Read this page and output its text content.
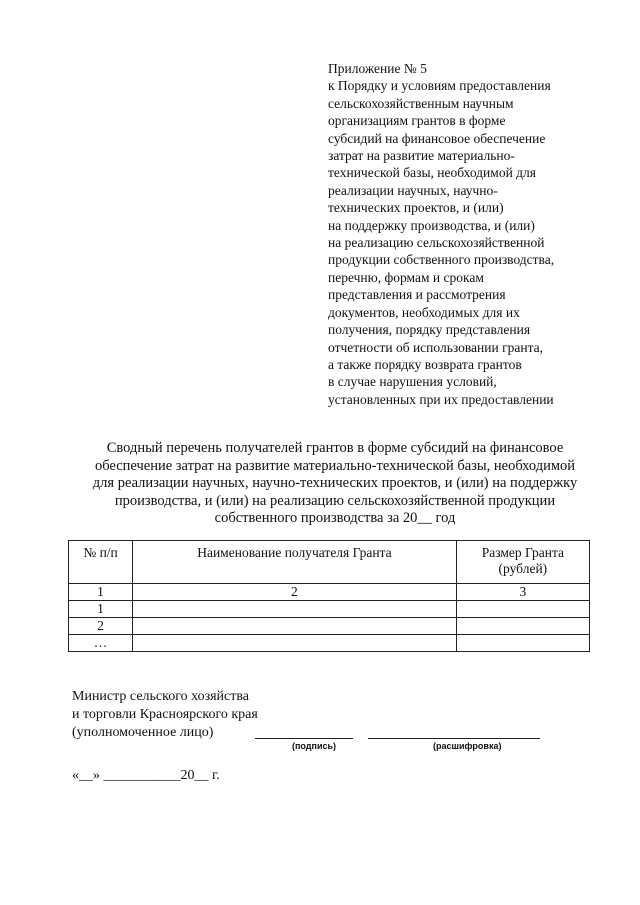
Приложение № 5
к Порядку и условиям предоставления
сельскохозяйственным научным
организациям грантов в форме
субсидий на финансовое обеспечение
затрат на развитие материально-
технической базы, необходимой для
реализации научных, научно-
технических проектов, и (или)
на поддержку производства, и (или)
на реализацию сельскохозяйственной
продукции собственного производства,
перечню, формам и срокам
представления и рассмотрения
документов, необходимых для их
получения, порядку представления
отчетности об использовании гранта,
а также порядку возврата грантов
в случае нарушения условий,
установленных при их предоставлении
Сводный перечень получателей грантов в форме субсидий на финансовое
обеспечение затрат на развитие материально-технической базы, необходимой
для реализации научных, научно-технических проектов, и (или) на поддержку
производства, и (или) на реализацию сельскохозяйственной продукции
собственного производства за 20__ год
№ п/п	Наименование получателя Гранта	Размер Гранта (рублей)
1	2	3
1		
2		
…		
Министр сельского хозяйства
и торговли Красноярского края
(уполномоченное лицо)
(подпись)	(расшифровка)
«__» ___________20__ г.
